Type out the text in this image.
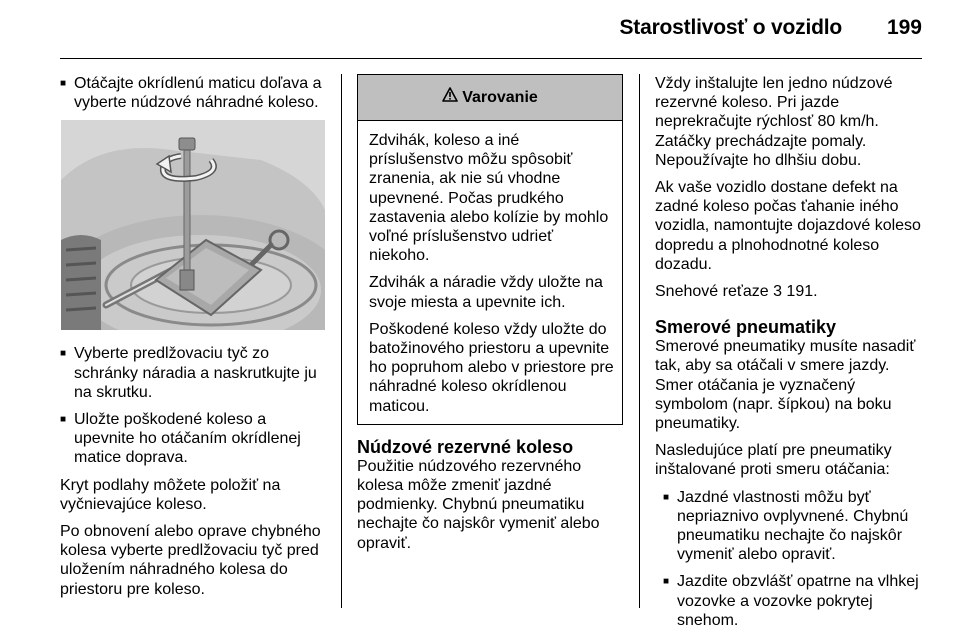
Starostlivosť o vozidlo 199
■ Otáčajte okrídlenú maticu doľava a vyberte núdzové náhradné koleso.
■ Vyberte predlžovaciu tyč zo schránky náradia a naskrutkujte ju na skrutku.
■ Uložte poškodené koleso a upevnite ho otáčaním okrídlenej matice doprava.
Kryt podlahy môžete položiť na vyčnievajúce koleso.
Po obnovení alebo oprave chybného kolesa vyberte predlžovaciu tyč pred uložením náhradného kolesa do priestoru pre koleso.
Varovanie
Zdvihák, koleso a iné príslušenstvo môžu spôsobiť zranenia, ak nie sú vhodne upevnené. Počas prudkého zastavenia alebo kolízie by mohlo voľné príslušenstvo udrieť niekoho.
Zdvihák a náradie vždy uložte na svoje miesta a upevnite ich.
Poškodené koleso vždy uložte do batožinového priestoru a upevnite ho popruhom alebo v priestore pre náhradné koleso okrídlenou maticou.
Núdzové rezervné koleso
Použitie núdzového rezervného kolesa môže zmeniť jazdné podmienky. Chybnú pneumatiku nechajte čo najskôr vymeniť alebo opraviť.
Vždy inštalujte len jedno núdzové rezervné koleso. Pri jazde neprekračujte rýchlosť 80 km/h. Zatáčky prechádzajte pomaly. Nepoužívajte ho dlhšiu dobu.
Ak vaše vozidlo dostane defekt na zadné koleso počas ťahanie iného vozidla, namontujte dojazdové koleso dopredu a plnohodnotné koleso dozadu.
Snehové reťaze 3 191.
Smerové pneumatiky
Smerové pneumatiky musíte nasadiť tak, aby sa otáčali v smere jazdy. Smer otáčania je vyznačený symbolom (napr. šípkou) na boku pneumatiky.
Nasledujúce platí pre pneumatiky inštalované proti smeru otáčania:
■ Jazdné vlastnosti môžu byť nepriaznivo ovplyvnené. Chybnú pneumatiku nechajte čo najskôr vymeniť alebo opraviť.
■ Jazdite obzvlášť opatrne na vlhkej vozovke a vozovke pokrytej snehom.
